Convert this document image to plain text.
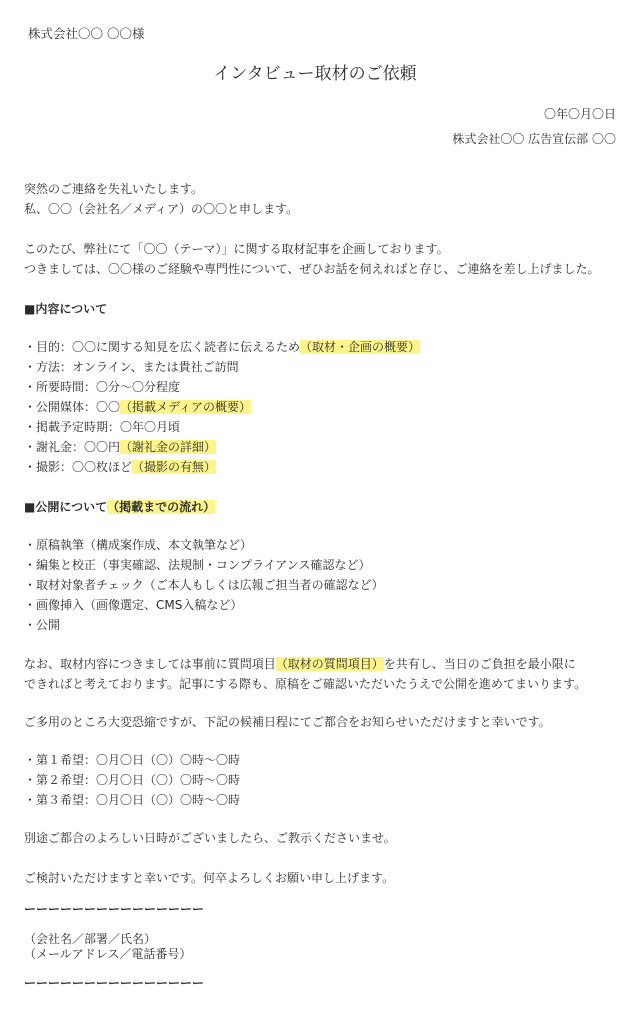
株式会社〇〇 〇〇様
インタビュー取材のご依頼
〇年〇月〇日
株式会社〇〇 広告宣伝部 〇〇
突然のご連絡を失礼いたします。
私、〇〇（会社名／メディア）の〇〇と申します。
このたび、弊社にて「〇〇（テーマ）」に関する取材記事を企画しております。
つきましては、〇〇様のご経験や専門性について、ぜひお話を伺えればと存じ、ご連絡を差し上げました。
■内容について
・目的：〇〇に関する知見を広く読者に伝えるため（取材・企画の概要）
・方法：オンライン、または貴社ご訪問
・所要時間：〇分〜〇分程度
・公開媒体：〇〇（掲載メディアの概要）
・掲載予定時期：〇年〇月頃
・謝礼金：〇〇円（謝礼金の詳細）
・撮影：〇〇枚ほど（撮影の有無）
■公開について（掲載までの流れ）
・原稿執筆（構成案作成、本文執筆など）
・編集と校正（事実確認、法規制・コンプライアンス確認など）
・取材対象者チェック（ご本人もしくは広報ご担当者の確認など）
・画像挿入（画像選定、CMS入稿など）
・公開
なお、取材内容につきましては事前に質問項目（取材の質問項目）を共有し、当日のご負担を最小限に
できればと考えております。記事にする際も、原稿をご確認いただいたうえで公開を進めてまいります。
ご多用のところ大変恐縮ですが、下記の候補日程にてご都合をお知らせいただけますと幸いです。
・第１希望：〇月〇日（〇）〇時〜〇時
・第２希望：〇月〇日（〇）〇時〜〇時
・第３希望：〇月〇日（〇）〇時〜〇時
別途ご都合のよろしい日時がございましたら、ご教示くださいませ。
ご検討いただけますと幸いです。何卒よろしくお願い申し上げます。
ーーーーーーーーーーーーーーー
（会社名／部署／氏名）
（メールアドレス／電話番号）
ーーーーーーーーーーーーーーー
